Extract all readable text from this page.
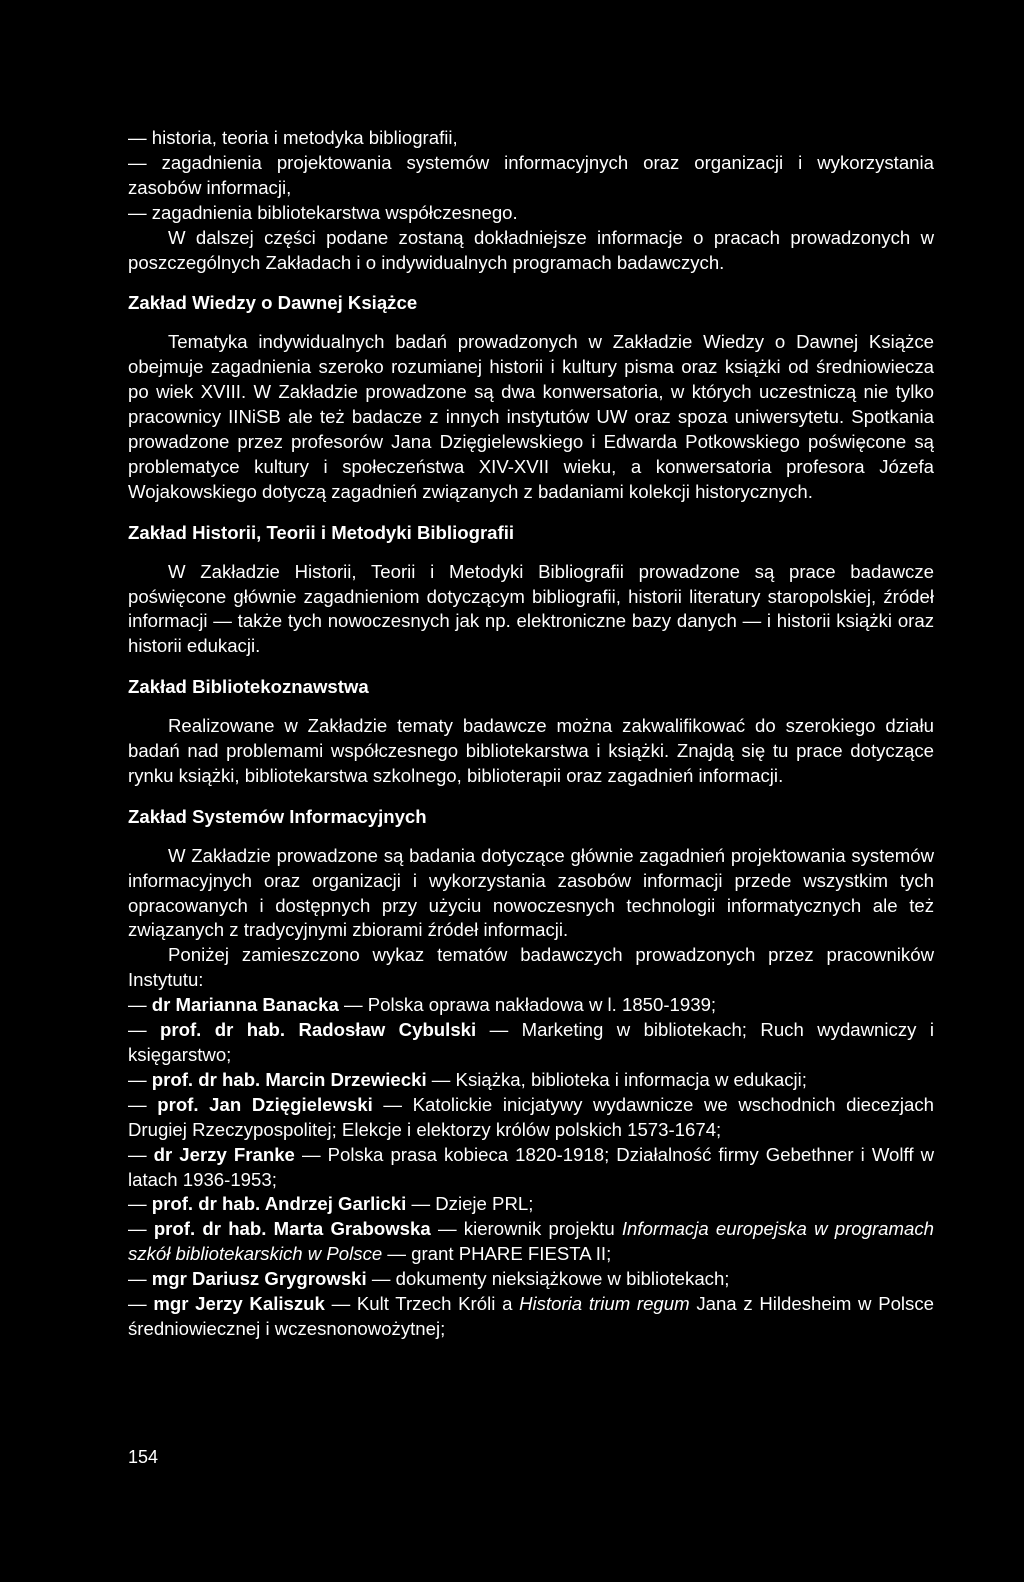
— historia, teoria i metodyka bibliografii,

— zagadnienia projektowania systemów informacyjnych oraz organizacji i wykorzystania zasobów informacji,

— zagadnienia bibliotekarstwa współczesnego.

W dalszej części podane zostaną dokładniejsze informacje o pracach prowadzonych w poszczególnych Zakładach i o indywidualnych programach badawczych.

Zakład Wiedzy o Dawnej Książce

Tematyka indywidualnych badań prowadzonych w Zakładzie Wiedzy o Dawnej Książce obejmuje zagadnienia szeroko rozumianej historii i kultury pisma oraz książki od średniowiecza po wiek XVIII. W Zakładzie prowadzone są dwa konwersatoria, w których uczestniczą nie tylko pracownicy IINiSB ale też badacze z innych instytutów UW oraz spoza uniwersytetu. Spotkania prowadzone przez profesorów Jana Dzięgielewskiego i Edwarda Potkowskiego poświęcone są problematyce kultury i społeczeństwa XIV-XVII wieku, a konwersatoria profesora Józefa Wojakowskiego dotyczą zagadnień związanych z badaniami kolekcji historycznych.

Zakład Historii, Teorii i Metodyki Bibliografii

W Zakładzie Historii, Teorii i Metodyki Bibliografii prowadzone są prace badawcze poświęcone głównie zagadnieniom dotyczącym bibliografii, historii literatury staropolskiej, źródeł informacji — także tych nowoczesnych jak np. elektroniczne bazy danych — i historii książki oraz historii edukacji.

Zakład Bibliotekoznawstwa

Realizowane w Zakładzie tematy badawcze można zakwalifikować do szerokiego działu badań nad problemami współczesnego bibliotekarstwa i książki. Znajdą się tu prace dotyczące rynku książki, bibliotekarstwa szkolnego, biblioterapii oraz zagadnień informacji.

Zakład Systemów Informacyjnych

W Zakładzie prowadzone są badania dotyczące głównie zagadnień projektowania systemów informacyjnych oraz organizacji i wykorzystania zasobów informacji przede wszystkim tych opracowanych i dostępnych przy użyciu nowoczesnych technologii informatycznych ale też związanych z tradycyjnymi zbiorami źródeł informacji.

Poniżej zamieszczono wykaz tematów badawczych prowadzonych przez pracowników Instytutu:

— dr Marianna Banacka — Polska oprawa nakładowa w l. 1850-1939;

— prof. dr hab. Radosław Cybulski — Marketing w bibliotekach; Ruch wydawniczy i księgarstwo;

— prof. dr hab. Marcin Drzewiecki — Książka, biblioteka i informacja w edukacji;

— prof. Jan Dzięgielewski — Katolickie inicjatywy wydawnicze we wschodnich diecezjach Drugiej Rzeczypospolitej; Elekcje i elektorzy królów polskich 1573-1674;

— dr Jerzy Franke — Polska prasa kobieca 1820-1918; Działalność firmy Gebethner i Wolff w latach 1936-1953;

— prof. dr hab. Andrzej Garlicki — Dzieje PRL;

— prof. dr hab. Marta Grabowska — kierownik projektu Informacja europejska w programach szkół bibliotekarskich w Polsce — grant PHARE FIESTA II;

— mgr Dariusz Grygrowski — dokumenty nieksiążkowe w bibliotekach;

— mgr Jerzy Kaliszuk — Kult Trzech Króli a Historia trium regum Jana z Hildesheim w Polsce średniowiecznej i wczesnonowożytnej;

154
